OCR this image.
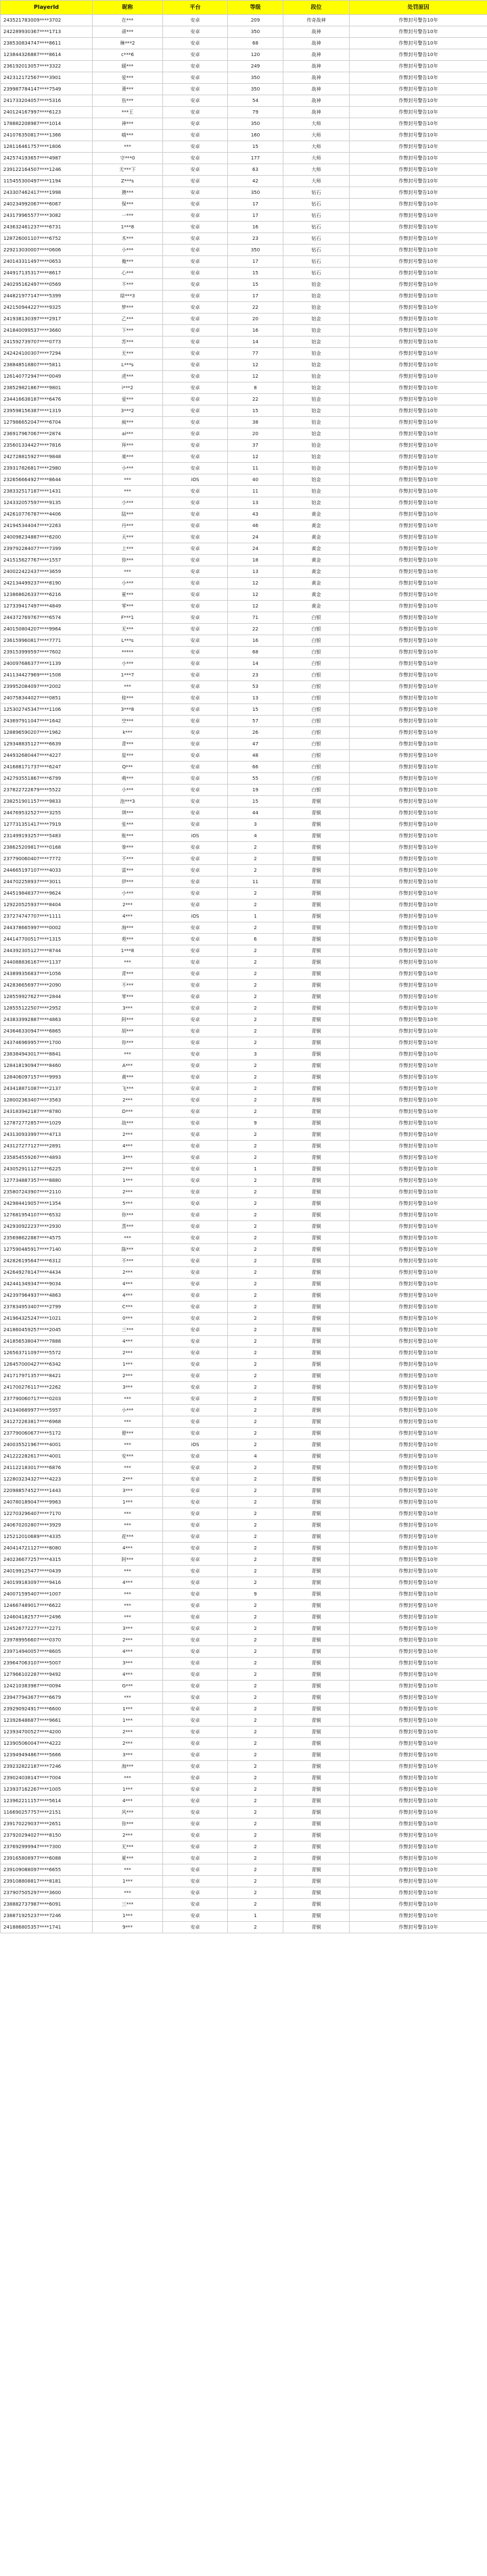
PlayerId	昵称	平台	等级	段位	处罚原因
243521783009****3702	在***	安卓	209	传奇战神	作弊封号警告10年
242289930367****1713	顽***	安卓	350	战神	作弊封号警告10年
238530834747****8611	琳***2	安卓	68	战神	作弊封号警告10年
123844326887****8614	c***6	安卓	120	战神	作弊封号警告10年
236192013057****3322	暖***	安卓	249	战神	作弊封号警告10年
242312172567****3901	爱***	安卓	350	战神	作弊封号警告10年
239987784147****7549	萧***	安卓	350	战神	作弊封号警告10年
241733204057****5316	伤***	安卓	54	战神	作弊封号警告10年
240124167997****6123	***王	安卓	79	战神	作弊封号警告10年
178882208987****1014	神***	安卓	350	大师	作弊封号警告10年
241076350817****1366	喵***	安卓	160	大师	作弊封号警告10年
128116461757****1806	***	安卓	15	大师	作弊封号警告10年
242574193657****4987	守***0	安卓	177	大师	作弊封号警告10年
239122164507****1246	无***下	安卓	63	大师	作弊封号警告10年
115455300497****1194	Z***s	安卓	42	大师	作弊封号警告10年
243307462417****1998	摸***	安卓	350	钻石	作弊封号警告10年
240234992067****6067	保***	安卓	17	钻石	作弊封号警告10年
243179965577****3082	一***	安卓	17	钻石	作弊封号警告10年
243632461237****6731	1***8	安卓	16	钻石	作弊封号警告10年
128726001107****6752	木***	安卓	23	钻石	作弊封号警告10年
229213030007****0606	小***	安卓	350	钻石	作弊封号警告10年
240143311497****0653	俺***	安卓	17	钻石	作弊封号警告10年
244917135317****8617	心***	安卓	15	钻石	作弊封号警告10年
240295162497****0569	不***	安卓	15	铂金	作弊封号警告10年
244821977147****5399	绿***3	安卓	17	铂金	作弊封号警告10年
242150944227****9325	梦***	安卓	22	铂金	作弊封号警告10年
241938130397****2917	乙***	安卓	20	铂金	作弊封号警告10年
241840099537****3660	下***	安卓	16	铂金	作弊封号警告10年
241592739707****0773	苏***	安卓	14	铂金	作弊封号警告10年
242424100307****7294	无***	安卓	77	铂金	作弊封号警告10年
238848518807****5811	L***s	安卓	12	铂金	作弊封号警告10年
126140772947****0049	虎***	安卓	12	铂金	作弊封号警告10年
238529821867****9801	i***2	安卓	8	铂金	作弊封号警告10年
234416638187****6476	爱***	安卓	22	铂金	作弊封号警告10年
239598156387****1319	3***2	安卓	15	铂金	作弊封号警告10年
127986652047****6704	疯***	安卓	38	铂金	作弊封号警告10年
236917967067****2874	ai***	安卓	20	铂金	作弊封号警告10年
235601334427****7816	拜***	安卓	37	铂金	作弊封号警告10年
242728815927****9848	楽***	安卓	12	铂金	作弊封号警告10年
239317826817****2980	小***	安卓	11	铂金	作弊封号警告10年
232656664927****8644	***	iOS	40	铂金	作弊封号警告10年
238332517187****1431	***	安卓	11	铂金	作弊封号警告10年
124332057597****9135	小***	安卓	13	铂金	作弊封号警告10年
242610776787****4406	陆***	安卓	43	黄金	作弊封号警告10年
241945344047****2263	丹***	安卓	46	黄金	作弊封号警告10年
240098234887****6200	天***	安卓	24	黄金	作弊封号警告10年
239792284077****7399	上***	安卓	24	黄金	作弊封号警告10年
241515627767****1557	你***	安卓	18	黄金	作弊封号警告10年
240022422437****3659	***	安卓	13	黄金	作弊封号警告10年
242134499237****8190	小***	安卓	12	黄金	作弊封号警告10年
123868626337****6216	夏***	安卓	12	黄金	作弊封号警告10年
127339417497****4849	零***	安卓	12	黄金	作弊封号警告10年
244372769767****6574	F***1	安卓	71	白银	作弊封号警告10年
240150804207****9964	无***	安卓	22	白银	作弊封号警告10年
236159960817****7771	L***s	安卓	16	白银	作弊封号警告10年
239153999597****7602	*****	安卓	68	白银	作弊封号警告10年
240097686377****1139	小***	安卓	14	白银	作弊封号警告10年
241134427969****1508	1***7	安卓	23	白银	作弊封号警告10年
239952084097****2002	***	安卓	53	白银	作弊封号警告10年
240758344027****0851	桂***	安卓	13	白银	作弊封号警告10年
125302745347****1106	3***8	安卓	15	白银	作弊封号警告10年
243697911047****1642	空***	安卓	57	白银	作弊封号警告10年
128896590207****1962	k***	安卓	26	白银	作弊封号警告10年
129348835127****6639	青***	安卓	47	白银	作弊封号警告10年
244932680447****4227	星***	安卓	48	白银	作弊封号警告10年
241688171737****6247	Q***	安卓	66	白银	作弊封号警告10年
242793551867****6799	萌***	安卓	55	白银	作弊封号警告10年
237822722679****5522	小***	安卓	19	白银	作弊封号警告10年
238251901157****9833	泡***3	安卓	15	青铜	作弊封号警告10年
244769532527****3255	琪***	安卓	44	青铜	作弊封号警告10年
127731351417****7919	张***	安卓	3	青铜	作弊封号警告10年
231499193257****5483	账***	iOS	4	青铜	作弊封号警告10年
238625209817****0168	拳***	安卓	2	青铜	作弊封号警告10年
237790060407****7772	不***	安卓	2	青铜	作弊封号警告10年
244665197107****4033	雷***	安卓	2	青铜	作弊封号警告10年
244702258937****3011	伊***	安卓	11	青铜	作弊封号警告10年
244519848377****9624	小***	安卓	2	青铜	作弊封号警告10年
129220525937****8404	2***	安卓	2	青铜	作弊封号警告10年
237274747707****1111	4***	iOS	1	青铜	作弊封号警告10年
244378665997****0002	海***	安卓	2	青铜	作弊封号警告10年
244147700517****1315	苑***	安卓	6	青铜	作弊封号警告10年
244392305127****8744	1***8	安卓	2	青铜	作弊封号警告10年
244088836167****1137	***	安卓	2	青铜	作弊封号警告10年
243899356837****1056	青***	安卓	2	青铜	作弊封号警告10年
242836656977****2090	不***	安卓	2	青铜	作弊封号警告10年
128559927627****2844	零***	安卓	2	青铜	作弊封号警告10年
128555122507****2952	3***	安卓	2	青铜	作弊封号警告10年
243833992887****4863	阿***	安卓	2	青铜	作弊封号警告10年
243646330947****6865	胡***	安卓	2	青铜	作弊封号警告10年
243746969957****1700	你***	安卓	2	青铜	作弊封号警告10年
238384943017****8841	***	安卓	3	青铜	作弊封号警告10年
128418190947****8460	A***	安卓	2	青铜	作弊封号警告10年
128406097157****9993	黄***	安卓	2	青铜	作弊封号警告10年
243418871087****2137	飞***	安卓	2	青铜	作弊封号警告10年
128002363407****3563	2***	安卓	2	青铜	作弊封号警告10年
243183942187****8780	D***	安卓	2	青铜	作弊封号警告10年
127872772857****1029	战***	安卓	9	青铜	作弊封号警告10年
243130933997****4713	2***	安卓	2	青铜	作弊封号警告10年
243127277127****2891	4***	安卓	2	青铜	作弊封号警告10年
235854559267****4893	3***	安卓	2	青铜	作弊封号警告10年
243052911127****6225	2***	安卓	1	青铜	作弊封号警告10年
127734887357****8880	1***	安卓	2	青铜	作弊封号警告10年
235807243907****2110	2***	安卓	2	青铜	作弊封号警告10年
242984419057****1354	5***	安卓	2	青铜	作弊封号警告10年
127681954107****6532	你***	安卓	2	青铜	作弊封号警告10年
242930922237****2930	蒸***	安卓	2	青铜	作弊封号警告10年
235698622887****4575	***	安卓	2	青铜	作弊封号警告10年
127590485917****7140	陈***	安卓	2	青铜	作弊封号警告10年
242826195647****6312	不***	安卓	2	青铜	作弊封号警告10年
242649278147****4434	2***	安卓	2	青铜	作弊封号警告10年
242441349347****9034	4***	安卓	2	青铜	作弊封号警告10年
242397964937****4863	4***	安卓	2	青铜	作弊封号警告10年
237834953407****2799	C***	安卓	2	青铜	作弊封号警告10年
241964325247****1021	0***	安卓	2	青铜	作弊封号警告10年
241860459257****2045	三***	安卓	2	青铜	作弊封号警告10年
241856538047****7888	4***	安卓	2	青铜	作弊封号警告10年
126563711097****5572	2***	安卓	2	青铜	作弊封号警告10年
126457000427****6342	1***	安卓	2	青铜	作弊封号警告10年
241717971357****8421	2***	安卓	2	青铜	作弊封号警告10年
241700276117****2262	3***	安卓	2	青铜	作弊封号警告10年
237790060717****0203	***	安卓	2	青铜	作弊封号警告10年
241340689977****5957	小***	安卓	2	青铜	作弊封号警告10年
241272263817****6968	***	安卓	2	青铜	作弊封号警告10年
237790060677****5172	便***	安卓	2	青铜	作弊封号警告10年
240035521967****4001	***	iOS	2	青铜	作弊封号警告10年
241222282617****4001	安***	安卓	4	青铜	作弊封号警告10年
241122183017****6876	***	安卓	2	青铜	作弊封号警告10年
122803234327****4223	2***	安卓	2	青铜	作弊封号警告10年
220988574527****1443	3***	安卓	2	青铜	作弊封号警告10年
240780189047****9963	1***	安卓	2	青铜	作弊封号警告10年
122703296407****7170	***	安卓	2	青铜	作弊封号警告10年
240670202807****3929	***	安卓	2	青铜	作弊封号警告10年
125212010689****4335	花***	安卓	2	青铜	作弊封号警告10年
240414721127****8080	4***	安卓	2	青铜	作弊封号警告10年
240236677257****4315	阿***	安卓	2	青铜	作弊封号警告10年
240199125477****0439	***	安卓	2	青铜	作弊封号警告10年
240199183097****9416	4***	安卓	2	青铜	作弊封号警告10年
240071595407****1007	***	安卓	9	青铜	作弊封号警告10年
124667489017****6622	***	安卓	2	青铜	作弊封号警告10年
124604182577****2496	***	安卓	2	青铜	作弊封号警告10年
124526772277****2271	3***	安卓	2	青铜	作弊封号警告10年
239789956607****0370	2***	安卓	2	青铜	作弊封号警告10年
239714940057****8605	4***	安卓	2	青铜	作弊封号警告10年
239647063107****5007	3***	安卓	2	青铜	作弊封号警告10年
127966102287****9492	4***	安卓	2	青铜	作弊封号警告10年
124210383987****0094	G***	安卓	2	青铜	作弊封号警告10年
239477943677****6679	***	安卓	2	青铜	作弊封号警告10年
239290924917****6600	1***	安卓	2	青铜	作弊封号警告10年
123926486877****9661	1***	安卓	2	青铜	作弊封号警告10年
123934700527****4200	2***	安卓	2	青铜	作弊封号警告10年
123905060047****4222	2***	安卓	2	青铜	作弊封号警告10年
123949494867****5666	3***	安卓	2	青铜	作弊封号警告10年
239232822187****7246	海***	安卓	2	青铜	作弊封号警告10年
239024038147****7004	***	安卓	2	青铜	作弊封号警告10年
123937162267****1005	1***	安卓	2	青铜	作弊封号警告10年
123962211157****5614	4***	安卓	2	青铜	作弊封号警告10年
116690257757****2151	风***	安卓	2	青铜	作弊封号警告10年
239170229037****2651	你***	安卓	2	青铜	作弊封号警告10年
237920294027****8150	2***	安卓	2	青铜	作弊封号警告10年
237692999947****7300	无***	安卓	2	青铜	作弊封号警告10年
239165808977****6088	夏***	安卓	2	青铜	作弊封号警告10年
239109088097****6655	***	安卓	2	青铜	作弊封号警告10年
239108808817****8181	1***	安卓	2	青铜	作弊封号警告10年
237907505297****3600	***	安卓	2	青铜	作弊封号警告10年
238882737987****6091	三***	安卓	2	青铜	作弊封号警告10年
238871925237****7246	1***	安卓	1	青铜	作弊封号警告10年
241886805357****1741	9***	安卓	2	青铜	作弊封号警告10年
